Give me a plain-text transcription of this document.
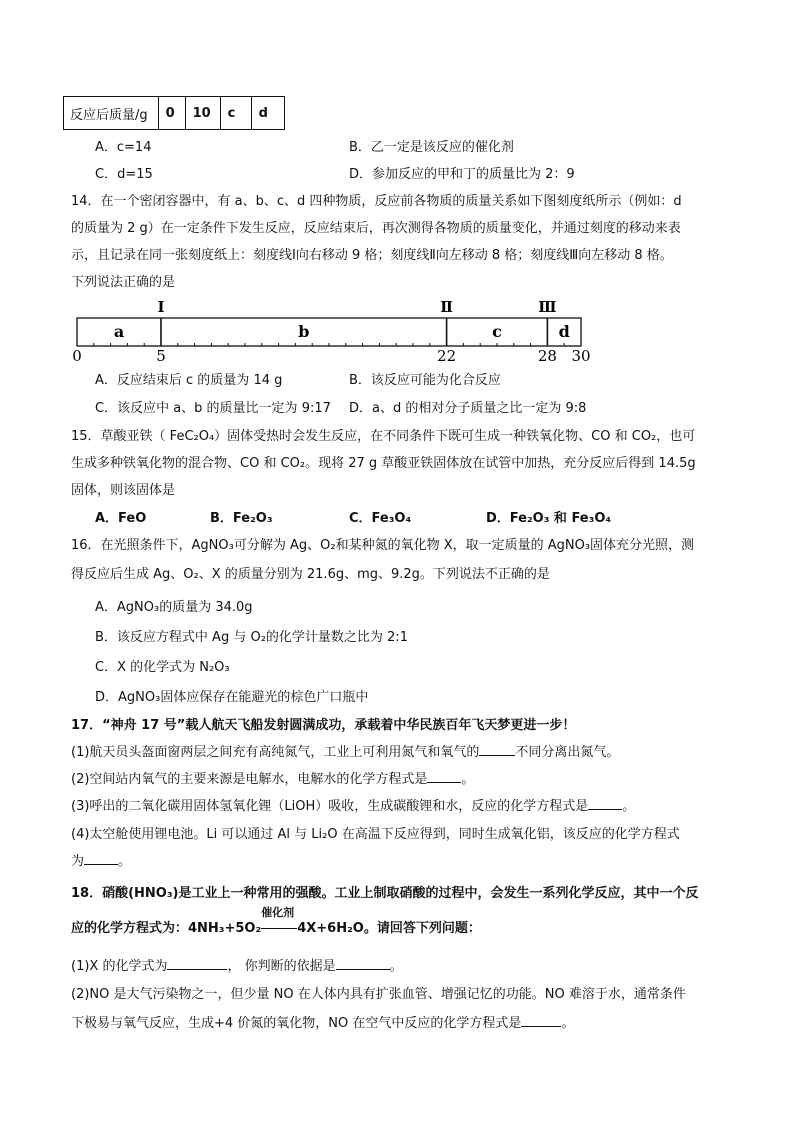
反应后质量/g	0	10	c	d
A．c=14	B．乙一定是该反应的催化剂
C．d=15	D．参加反应的甲和丁的质量比为 2：9
14．在一个密闭容器中，有 a、b、c、d 四种物质，反应前各物质的质量关系如下图刻度纸所示（例如：d
的质量为 2 g）在一定条件下发生反应，反应结束后，再次测得各物质的质量变化，并通过刻度的移动来表
示，且记录在同一张刻度纸上：刻度线Ⅰ向右移动 9 格；刻度线Ⅱ向左移动 8 格；刻度线Ⅲ向左移动 8 格。
下列说法正确的是
Ⅰ	Ⅱ	Ⅲ
a	b	c	d
0	5	22	28 30
A．反应结束后 c 的质量为 14 g	B．该反应可能为化合反应
C．该反应中 a、b 的质量比一定为 9:17 D．a、d 的相对分子质量之比一定为 9:8
15．草酸亚铁（ FeC₂O₄）固体受热时会发生反应，在不同条件下既可生成一种铁氧化物、CO 和 CO₂，也可
生成多种铁氧化物的混合物、CO 和 CO₂。现将 27 g 草酸亚铁固体放在试管中加热，充分反应后得到 14.5g
固体，则该固体是
A．FeO	B．Fe₂O₃	C．Fe₃O₄	D．Fe₂O₃ 和 Fe₃O₄
16．在光照条件下，AgNO₃可分解为 Ag、O₂和某种氮的氧化物 X，取一定质量的 AgNO₃固体充分光照，测
得反应后生成 Ag、O₂、X 的质量分别为 21.6g、mg、9.2g。下列说法不正确的是
A．AgNO₃的质量为 34.0g
B．该反应方程式中 Ag 与 O₂的化学计量数之比为 2:1
C．X 的化学式为 N₂O₃
D．AgNO₃固体应保存在能避光的棕色广口瓶中
17．“神舟 17 号”载人航天飞船发射圆满成功，承载着中华民族百年飞天梦更进一步！
(1)航天员头盔面窗两层之间充有高纯氮气，工业上可利用氮气和氧气的	不同分离出氮气。
(2)空间站内氧气的主要来源是电解水，电解水的化学方程式是	。
(3)呼出的二氧化碳用固体氢氧化锂（LiOH）吸收，生成碳酸锂和水，反应的化学方程式是	。
(4)太空舱使用锂电池。Li 可以通过 Al 与 Li₂O 在高温下反应得到，同时生成氧化铝，该反应的化学方程式
为	。
18．硝酸(HNO₃)是工业上一种常用的强酸。工业上制取硝酸的过程中，会发生一系列化学反应，其中一个反
应的化学方程式为：4NH₃+5O₂
催化剂
4X+6H₂O。请回答下列问题：
(1)X 的化学式为	， 你判断的依据是	。
(2)NO 是大气污染物之一，但少量 NO 在人体内具有扩张血管、增强记忆的功能。NO 难溶于水，通常条件
下极易与氧气反应，生成+4 价氮的氧化物，NO 在空气中反应的化学方程式是	。
